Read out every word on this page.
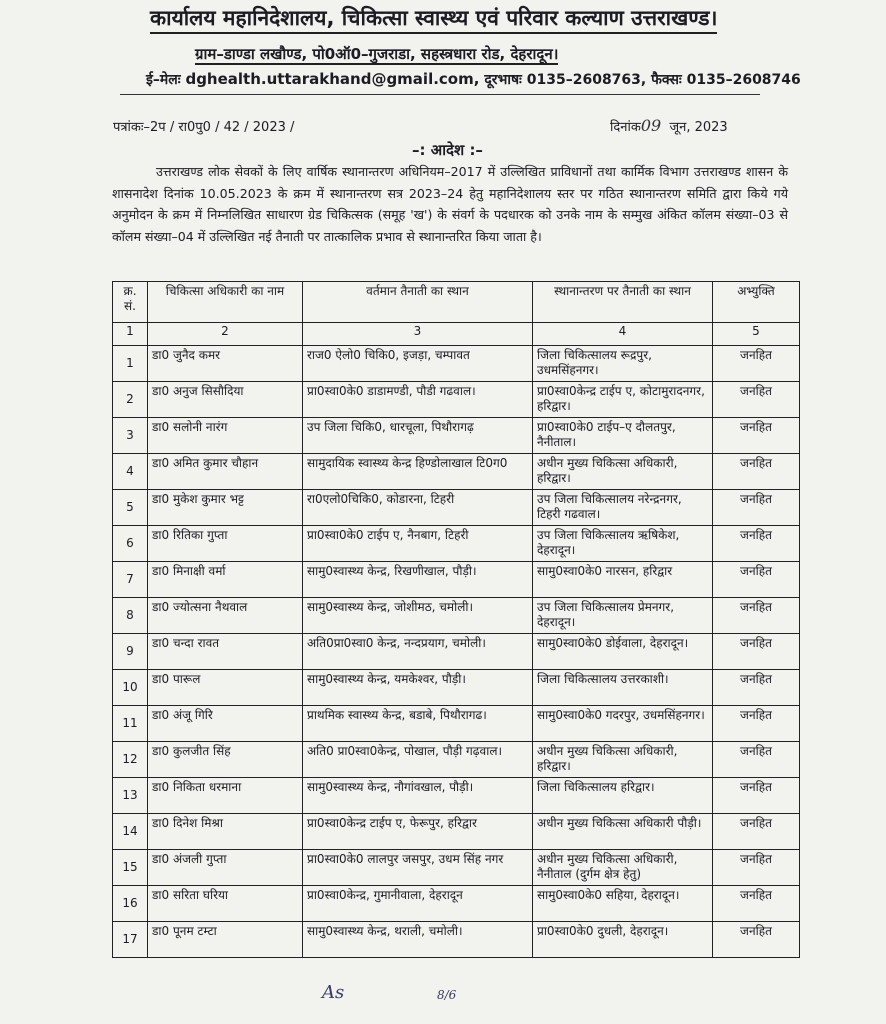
कार्यालय महानिदेशालय, चिकित्सा स्वास्थ्य एवं परिवार कल्याण उत्तराखण्ड।
ग्राम–डाण्डा लखौण्ड, पो0ऑ0–गुजराडा, सहस्त्रधारा रोड, देहरादून।
ई–मेलः dghealth.uttarakhand@gmail.com, दूरभाषः 0135–2608763, फैक्सः 0135–2608746
पत्रांकः–2प / रा0पु0 / 42 / 2023 /	दिनांक09 जून, 2023
–: आदेश :–
उत्तराखण्ड लोक सेवकों के लिए वार्षिक स्थानान्तरण अधिनियम–2017 में उल्लिखित प्राविधानों तथा कार्मिक विभाग उत्तराखण्ड शासन के शासनादेश दिनांक 10.05.2023 के क्रम में स्थानान्तरण सत्र 2023–24 हेतु महानिदेशालय स्तर पर गठित स्थानान्तरण समिति द्वारा किये गये अनुमोदन के क्रम में निम्नलिखित साधारण ग्रेड चिकित्सक (समूह 'ख') के संवर्ग के पदधारक को उनके नाम के सम्मुख अंकित कॉलम संख्या–03 से कॉलम संख्या–04 में उल्लिखित नई तैनाती पर तात्कालिक प्रभाव से स्थानान्तरित किया जाता है।
क्र. सं.	चिकित्सा अधिकारी का नाम	वर्तमान तैनाती का स्थान	स्थानान्तरण पर तैनाती का स्थान	अभ्युक्ति
1	2	3	4	5
1	डा0 जुनैद कमर	राज0 ऐलो0 चिकि0, इजड़ा, चम्पावत	जिला चिकित्सालय रूद्रपुर, उधमसिंहनगर।	जनहित
2	डा0 अनुज सिसौदिया	प्रा0स्वा0के0 डाडामण्डी, पौडी गढवाल।	प्रा0स्वा0केन्द्र टाईप ए, कोटामुरादनगर, हरिद्वार।	जनहित
3	डा0 सलोनी नारंग	उप जिला चिकि0, धारचूला, पिथौरागढ़	प्रा0स्वा0के0 टाईप–ए दौलतपुर, नैनीताल।	जनहित
4	डा0 अमित कुमार चौहान	सामुदायिक स्वास्थ्य केन्द्र हिण्डोलाखाल टि0ग0	अधीन मुख्य चिकित्सा अधिकारी, हरिद्वार।	जनहित
5	डा0 मुकेश कुमार भट्ट	रा0एलो0चिकि0, कोडारना, टिहरी	उप जिला चिकित्सालय नरेन्द्रनगर, टिहरी गढवाल।	जनहित
6	डा0 रितिका गुप्ता	प्रा0स्वा0के0 टाईप ए, नैनबाग, टिहरी	उप जिला चिकित्सालय ऋषिकेश, देहरादून।	जनहित
7	डा0 मिनाक्षी वर्मा	सामु0स्वास्थ्य केन्द्र, रिखणीखाल, पौड़ी।	सामु0स्वा0के0 नारसन, हरिद्वार	जनहित
8	डा0 ज्योत्सना नैथवाल	सामु0स्वास्थ्य केन्द्र, जोशीमठ, चमोली।	उप जिला चिकित्सालय प्रेमनगर, देहरादून।	जनहित
9	डा0 चन्दा रावत	अति0प्रा0स्वा0 केन्द्र, नन्दप्रयाग, चमोली।	सामु0स्वा0के0 डोईवाला, देहरादून।	जनहित
10	डा0 पारूल	सामु0स्वास्थ्य केन्द्र, यमकेश्वर, पौड़ी।	जिला चिकित्सालय उत्तरकाशी।	जनहित
11	डा0 अंजू गिरि	प्राथमिक स्वास्थ्य केन्द्र, बडाबे, पिथौरागढ।	सामु0स्वा0के0 गदरपुर, उधमसिंहनगर।	जनहित
12	डा0 कुलजीत सिंह	अति0 प्रा0स्वा0केन्द्र, पोखाल, पौड़ी गढ़वाल।	अधीन मुख्य चिकित्सा अधिकारी, हरिद्वार।	जनहित
13	डा0 निकिता धरमाना	सामु0स्वास्थ्य केन्द्र, नौगांवखाल, पौड़ी।	जिला चिकित्सालय हरिद्वार।	जनहित
14	डा0 दिनेश मिश्रा	प्रा0स्वा0केन्द्र टाईप ए, फेरूपुर, हरिद्वार	अधीन मुख्य चिकित्सा अधिकारी पौड़ी।	जनहित
15	डा0 अंजली गुप्ता	प्रा0स्वा0के0 लालपुर जसपुर, उधम सिंह नगर	अधीन मुख्य चिकित्सा अधिकारी, नैनीताल (दुर्गम क्षेत्र हेतु)	जनहित
16	डा0 सरिता घरिया	प्रा0स्वा0केन्द्र, गुमानीवाला, देहरादून	सामु0स्वा0के0 सहिया, देहरादून।	जनहित
17	डा0 पूनम टम्टा	सामु0स्वास्थ्य केन्द्र, थराली, चमोली।	प्रा0स्वा0के0 दुधली, देहरादून।	जनहित
As	8/6
